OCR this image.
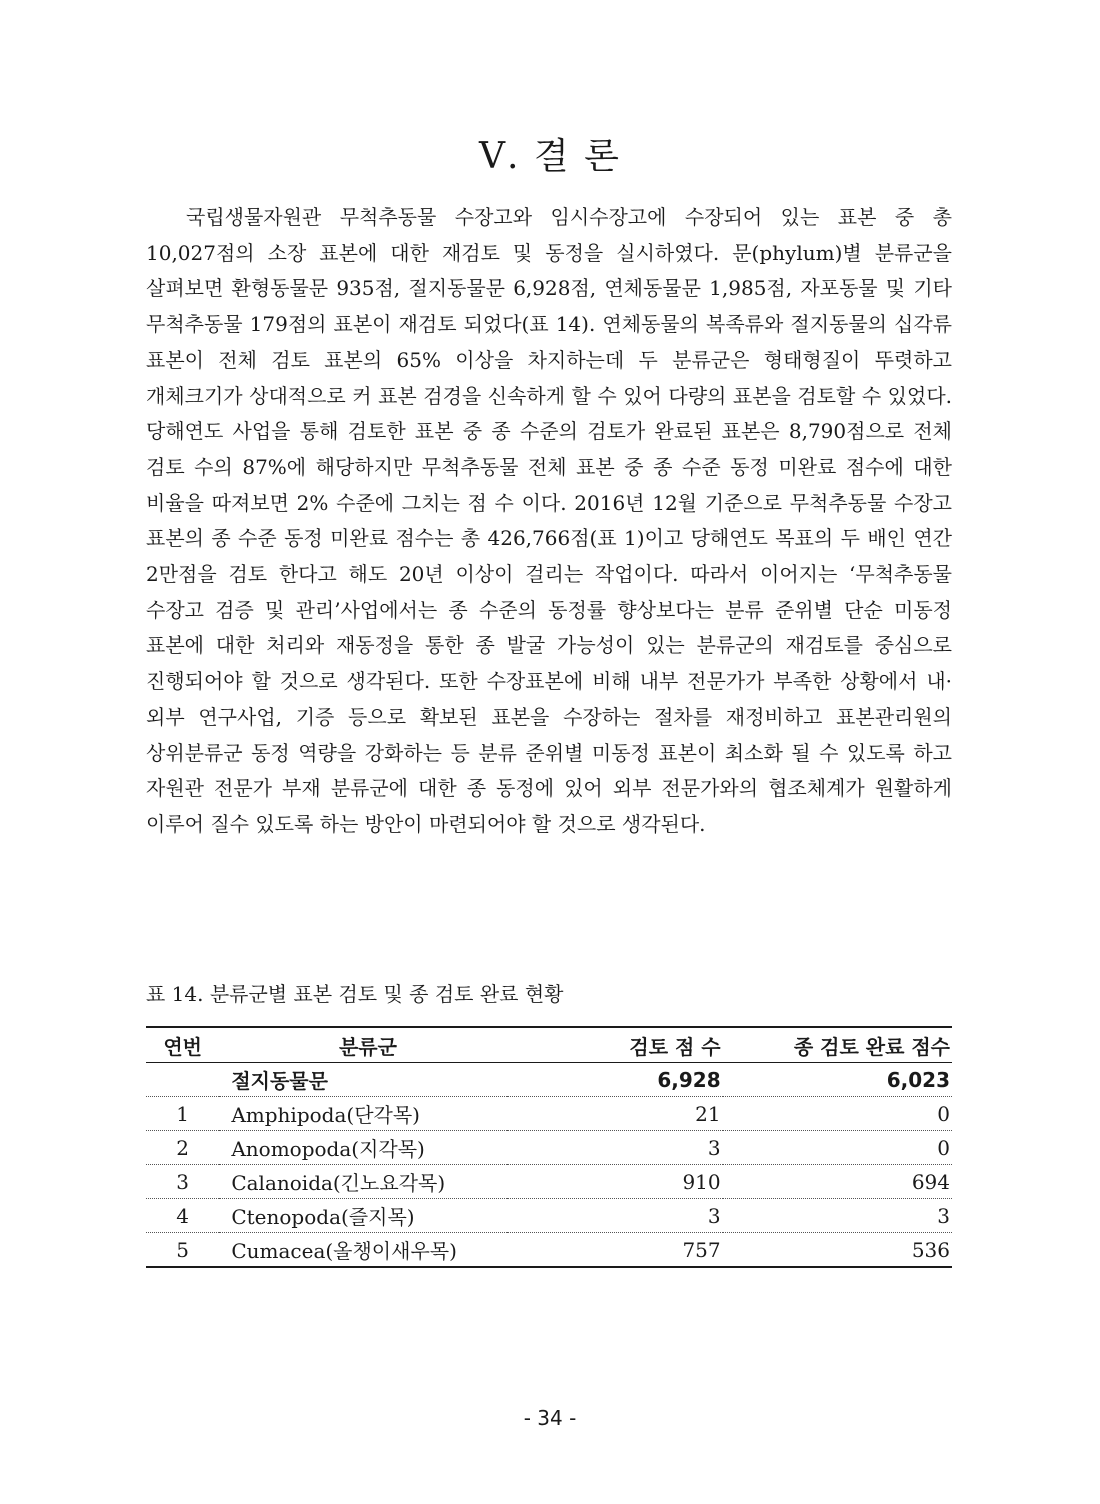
Ⅴ. 결 론

국립생물자원관 무척추동물 수장고와 임시수장고에 수장되어 있는 표본 중 총 10,027점의 소장 표본에 대한 재검토 및 동정을 실시하였다. 문(phylum)별 분류군을 살펴보면 환형동물문 935점, 절지동물문 6,928점, 연체동물문 1,985점, 자포동물 및 기타 무척추동물 179점의 표본이 재검토 되었다(표 14). 연체동물의 복족류와 절지동물의 십각류 표본이 전체 검토 표본의 65% 이상을 차지하는데 두 분류군은 형태형질이 뚜렷하고 개체크기가 상대적으로 커 표본 검경을 신속하게 할 수 있어 다량의 표본을 검토할 수 있었다. 당해연도 사업을 통해 검토한 표본 중 종 수준의 검토가 완료된 표본은 8,790점으로 전체 검토 수의 87%에 해당하지만 무척추동물 전체 표본 중 종 수준 동정 미완료 점수에 대한 비율을 따져보면 2% 수준에 그치는 점 수 이다. 2016년 12월 기준으로 무척추동물 수장고 표본의 종 수준 동정 미완료 점수는 총 426,766점(표 1)이고 당해연도 목표의 두 배인 연간 2만점을 검토 한다고 해도 20년 이상이 걸리는 작업이다. 따라서 이어지는 ‘무척추동물 수장고 검증 및 관리’사업에서는 종 수준의 동정률 향상보다는 분류 준위별 단순 미동정 표본에 대한 처리와 재동정을 통한 종 발굴 가능성이 있는 분류군의 재검토를 중심으로 진행되어야 할 것으로 생각된다. 또한 수장표본에 비해 내부 전문가가 부족한 상황에서 내·외부 연구사업, 기증 등으로 확보된 표본을 수장하는 절차를 재정비하고 표본관리원의 상위분류군 동정 역량을 강화하는 등 분류 준위별 미동정 표본이 최소화 될 수 있도록 하고 자원관 전문가 부재 분류군에 대한 종 동정에 있어 외부 전문가와의 협조체계가 원활하게 이루어 질수 있도록 하는 방안이 마련되어야 할 것으로 생각된다.

표 14. 분류군별 표본 검토 및 종 검토 완료 현황

연번	분류군	검토 점 수	종 검토 완료 점수
	절지동물문	6,928	6,023
1	Amphipoda(단각목)	21	0
2	Anomopoda(지각목)	3	0
3	Calanoida(긴노요각목)	910	694
4	Ctenopoda(즐지목)	3	3
5	Cumacea(올챙이새우목)	757	536

- 34 -
